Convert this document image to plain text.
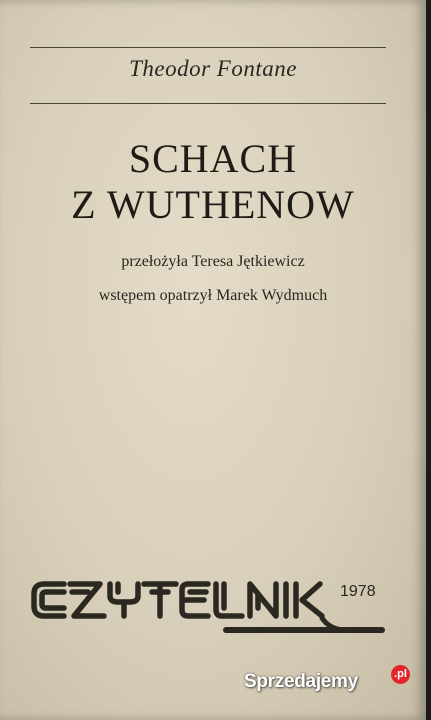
Theodor Fontane
SCHACH
Z WUTHENOW
przełożyła Teresa Jętkiewicz
wstępem opatrzył Marek Wydmuch
1978
Sprzedajemy	.pl
